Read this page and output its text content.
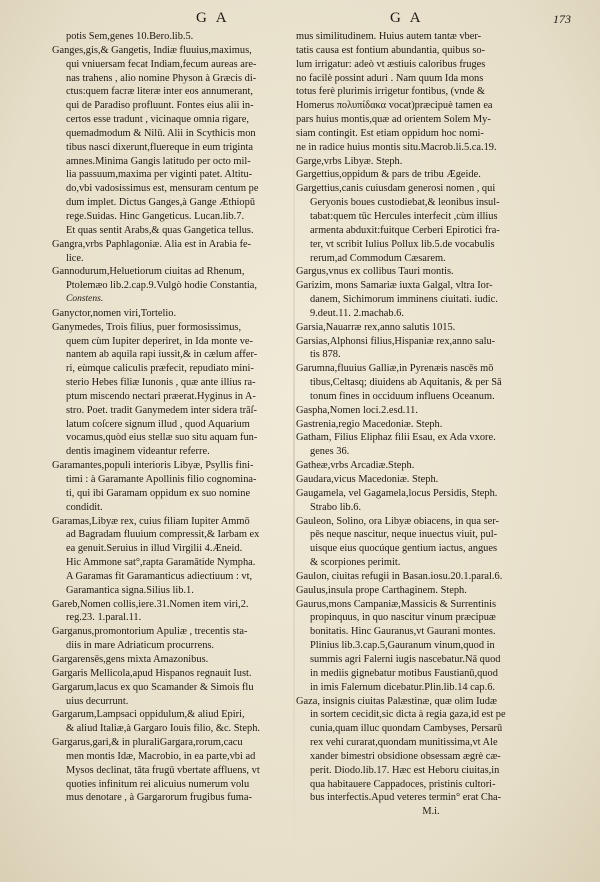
G A	G A	173
potis Sem,genes 10.Bero.lib.5.
Ganges,gis,& Gangetis, Indiæ fluuius,maximus,
qui vniuersam fecat Indiam,fecum aureas are-
nas trahens , alio nomine Physon à Græcis di-
ctus:quem facræ literæ inter eos annumerant,
qui de Paradiso profluunt. Fontes eius alii in-
certos esse tradunt , vicinaque omnia rigare,
quemadmodum & Nilū. Alii in Scythicis mon
tibus nasci dixerunt,fluereque in eum triginta
amnes.Minima Gangis latitudo per octo mil-
lia passuum,maxima per viginti patet. Altitu-
do,vbi vadosissimus est, mensuram centum pe
dum implet. Dictus Ganges,à Gange Æthiopū
rege.Suidas. Hinc Gangeticus. Lucan.lib.7.
Et quas sentit Arabs,& quas Gangetica tellus.
Gangra,vrbs Paphlagoniæ. Alia est in Arabia fe-
lice.
Gannodurum,Heluetiorum ciuitas ad Rhenum,
Ptolemæo lib.2.cap.9.Vulgò hodie Constantia,
Constens.
Ganyctor,nomen viri,Tortelio.
Ganymedes, Trois filius, puer formosissimus,
quem cùm Iupiter deperiret, in Ida monte ve-
nantem ab aquila rapi iussit,& in cælum affer-
ri, eùmque caliculis præfecit, repudiato mini-
sterio Hebes filiæ Iunonis , quæ ante illius ra-
ptum miscendo nectari præerat.Hyginus in A-
stro. Poet. tradit Ganymedem inter sidera trāſ-
latum coſcere signum illud , quod Aquarium
vocamus,quòd eius stellæ suo situ aquam fun-
dentis imaginem videantur referre.
Garamantes,populi interioris Libyæ, Psyllis fini-
timi : à Garamante Apollinis filio cognomina-
ti, qui ibi Garamam oppidum ex suo nomine
condidit.
Garamas,Libyæ rex, cuius filiam Iupiter Ammō
ad Bagradam fluuium compressit,& Iarbam ex
ea genuit.Seruius in illud Virgilii 4.Æneid.
Hic Ammone sat°,rapta Garamātide Nympha.
A Garamas fit Garamanticus adiectiuum : vt,
Garamantica signa.Silius lib.1.
Gareb,Nomen collis,iere.31.Nomen item viri,2.
reg.23. 1.paral.11.
Garganus,promontorium Apuliæ , trecentis sta-
diis in mare Adriaticum procurrens.
Gargarensēs,gens mixta Amazonibus.
Gargaris Mellicola,apud Hispanos regnauit Iust.
Gargarum,lacus ex quo Scamander & Simois flu
uius decurrunt.
Gargarum,Lampsaci oppidulum,& aliud Epiri,
& aliud Italiæ,à Gargaro Iouis filio, &c. Steph.
Gargarus,gari,& in pluraliGargara,rorum,cacu
men montis Idæ, Macrobio, in ea parte,vbi ad
Mysos declinat, tāta frugū vbertate affluens, vt
quoties infinitum rei alicuius numerum volu
mus denotare , à Gargarorum frugibus fuma-
mus similitudinem. Huius autem tantæ vber-
tatis causa est fontium abundantia, quibus so-
lum irrigatur: adeò vt æstiuis caloribus fruges
no facilè possint aduri . Nam quum Ida mons
totus ferè plurimis irrigetur fontibus, (vnde &
Homerus πολυπίδακα vocat)præcipuè tamen ea
pars huius montis,quæ ad orientem Solem My-
siam contingit. Est etiam oppidum hoc nomi-
ne in radice huius montis situ.Macrob.li.5.ca.19.
Garge,vrbs Libyæ. Steph.
Gargettius,oppidum & pars de tribu Ægeide.
Gargettius,canis cuiusdam generosi nomen , qui
Geryonis boues custodiebat,& leonibus insul-
tabat:quem tūc Hercules interfecit ,cùm illius
armenta abduxit:fuitque Cerberi Epirotici fra-
ter, vt scribit Iulius Pollux lib.5.de vocabulis
rerum,ad Commodum Cæsarem.
Gargus,vnus ex collibus Tauri montis.
Garizim, mons Samariæ iuxta Galgal, vltra Ior-
danem, Sichimorum imminens ciuitati. iudic.
9.deut.11. 2.machab.6.
Garsia,Nauarræ rex,anno salutis 1015.
Garsias,Alphonsi filius,Hispaniæ rex,anno salu-
tis 878.
Garumna,fluuius Galliæ,in Pyrenæis nascēs mō
tibus,Celtasq; diuidens ab Aquitanis, & per Sā
tonum fines in occiduum influens Oceanum.
Gaspha,Nomen loci.2.esd.11.
Gastrenia,regio Macedoniæ. Steph.
Gatham, Filius Eliphaz filii Esau, ex Ada vxore.
genes 36.
Gatheæ,vrbs Arcadiæ.Steph.
Gaudara,vicus Macedoniæ. Steph.
Gaugamela, vel Gagamela,locus Persidis, Steph.
Strabo lib.6.
Gauleon, Solino, ora Libyæ obiacens, in qua ser-
pēs neque nascitur, neque inuectus viuit, pul-
uisque eius quocúque gentium iactus, angues
& scorpiones perimit.
Gaulon, ciuitas refugii in Basan.iosu.20.1.paral.6.
Gaulus,insula prope Carthaginem. Steph.
Gaurus,mons Campaniæ,Massicis & Surrentinis
propinquus, in quo nascitur vinum præcipuæ
bonitatis. Hinc Gauranus,vt Gaurani montes.
Plinius lib.3.cap.5,Gauranum vinum,quod in
summis agri Falerni iugis nascebatur.Nā quod
in mediis gignebatur motibus Faustianū,quod
in imis Falernum dicebatur.Plin.lib.14 cap.6.
Gaza, insignis ciuitas Palæstinæ, quæ olim Iudæ
in sortem cecidit,sic dicta à regia gaza,id est pe
cunia,quam illuc quondam Cambyses, Persarū
rex vehi curarat,quondam munitissima,vt Ale
xander bimestri obsidione obsessam ægrè cæ-
perit. Diodo.lib.17. Hæc est Heboru ciuitas,in
qua habitauere Cappadoces, pristinis cultori-
bus interfectis.Apud veteres termin° erat Cha-
M.i.
